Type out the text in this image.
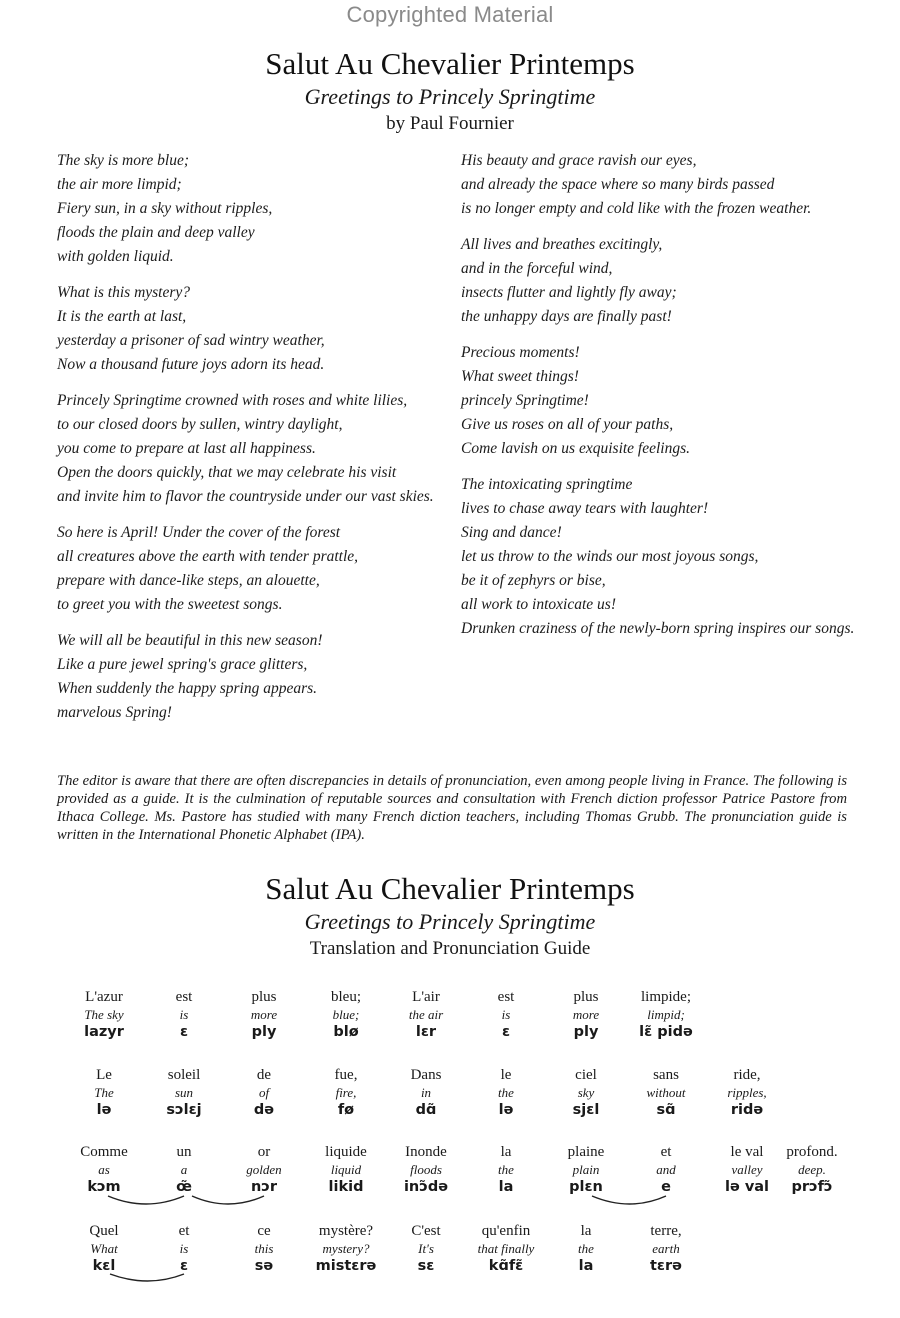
Copyrighted Material
Salut Au Chevalier Printemps
Greetings to Princely Springtime
by Paul Fournier
The sky is more blue;
the air more limpid;
Fiery sun, in a sky without ripples,
floods the plain and deep valley
with golden liquid.
What is this mystery?
It is the earth at last,
yesterday a prisoner of sad wintry weather,
Now a thousand future joys adorn its head.
Princely Springtime crowned with roses and white lilies,
to our closed doors by sullen, wintry daylight,
you come to prepare at last all happiness.
Open the doors quickly, that we may celebrate his visit
and invite him to flavor the countryside under our vast skies.
So here is April! Under the cover of the forest
all creatures above the earth with tender prattle,
prepare with dance-like steps, an alouette,
to greet you with the sweetest songs.
We will all be beautiful in this new season!
Like a pure jewel spring's grace glitters,
When suddenly the happy spring appears.
marvelous Spring!
His beauty and grace ravish our eyes,
and already the space where so many birds passed
is no longer empty and cold like with the frozen weather.
All lives and breathes excitingly,
and in the forceful wind,
insects flutter and lightly fly away;
the unhappy days are finally past!
Precious moments!
What sweet things!
princely Springtime!
Give us roses on all of your paths,
Come lavish on us exquisite feelings.
The intoxicating springtime
lives to chase away tears with laughter!
Sing and dance!
let us throw to the winds our most joyous songs,
be it of zephyrs or bise,
all work to intoxicate us!
Drunken craziness of the newly-born spring inspires our songs.
The editor is aware that there are often discrepancies in details of pronunciation, even among people living in France. The following is provided as a guide. It is the culmination of reputable sources and consultation with French diction professor Patrice Pastore from Ithaca College. Ms. Pastore has studied with many French diction teachers, including Thomas Grubb. The pronunciation guide is written in the International Phonetic Alphabet (IPA).
Salut Au Chevalier Printemps
Greetings to Princely Springtime
Translation and Pronunciation Guide
L'azur
The sky
lazyr
est
is
ɛ
plus
more
ply
bleu;
blue;
blø
L'air
the air
lɛr
est
is
ɛ
plus
more
ply
limpide;
limpid;
lɛ̃ pidə
Le
The
lə
soleil
sun
sɔlɛj
de
of
də
fue,
fire,
fø
Dans
in
dɑ̃
le
the
lə
ciel
sky
sjɛl
sans
without
sɑ̃
ride,
ripples,
ridə
Comme
as
kɔm
un
a
œ̃
or
golden
nɔr
liquide
liquid
likid
Inonde
floods
inɔ̃də
la
the
la
plaine
plain
plɛn
et
and
e
le val
valley
lə val
profond.
deep.
prɔfɔ̃
Quel
What
kɛl
et
is
ɛ
ce
this
sə
mystère?
mystery?
mistɛrə
C'est
It's
sɛ
qu'enfin
that finally
kɑ̃fɛ̃
la
the
la
terre,
earth
tɛrə
